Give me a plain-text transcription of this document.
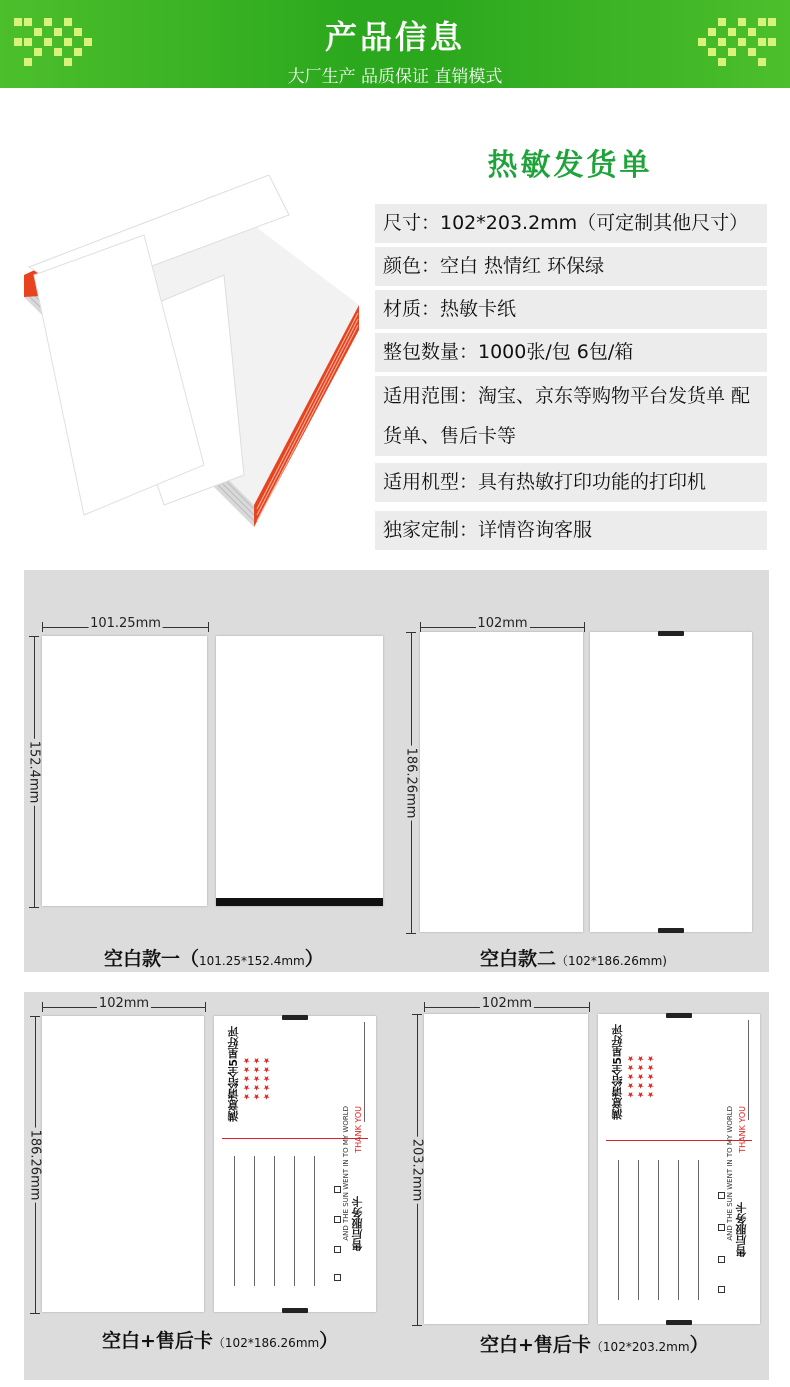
产品信息
大厂生产 品质保证 直销模式
热敏发货单
尺寸：102*203.2mm（可定制其他尺寸）
颜色：空白 热情红 环保绿
材质：热敏卡纸
整包数量：1000张/包 6包/箱
适用范围：淘宝、京东等购物平台发货单 配货单、售后卡等
适用机型：具有热敏打印功能的打印机
独家定制：详情咨询客服
101.25mm
152.4mm
空白款一（101.25*152.4mm）
102mm
186.26mm
空白款二（102*186.26mm)
102mm
186.26mm
满意请给全5星好评 ★★★★★ ★★★★★ ★★★★★
THANK YOU
AND THE SUN WENT IN TO MY WORLD 售后服务卡
空白+售后卡（102*186.26mm）
102mm
203.2mm
满意请给全5星好评 ★★★★★ ★★★★★ ★★★★★
THANK YOU
AND THE SUN WENT IN TO MY WORLD 售后服务卡
空白+售后卡（102*203.2mm）
